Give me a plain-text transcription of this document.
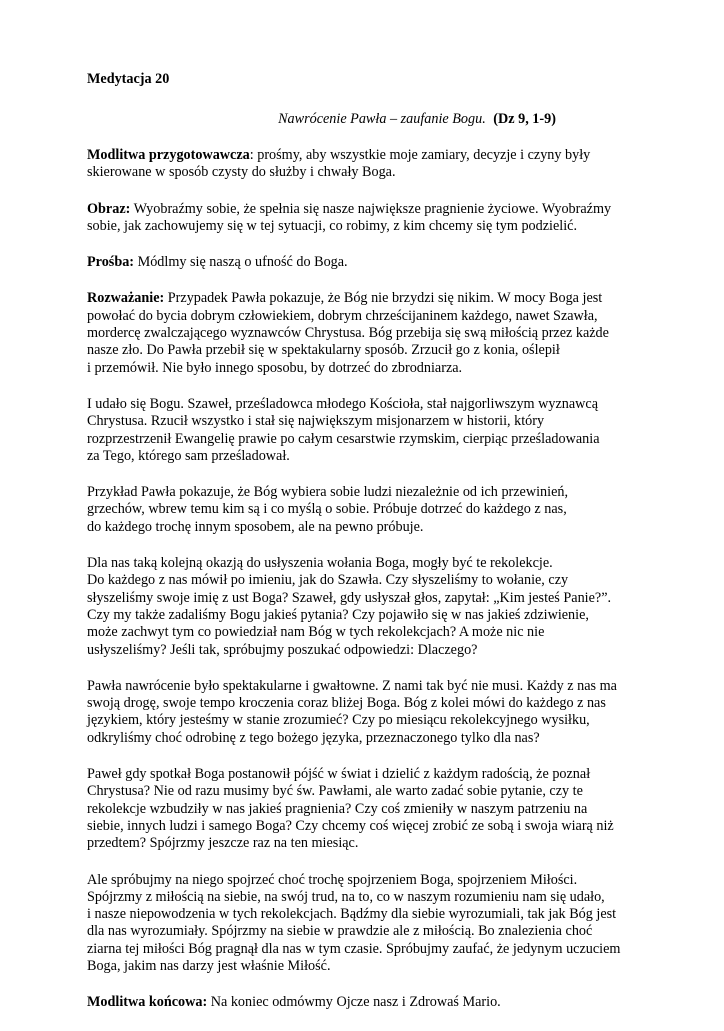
Medytacja 20

Nawrócenie Pawła – zaufanie Bogu. (Dz 9, 1-9)

Modlitwa przygotowawcza: prośmy, aby wszystkie moje zamiary, decyzje i czyny były
skierowane w sposób czysty do służby i chwały Boga.

Obraz: Wyobraźmy sobie, że spełnia się nasze największe pragnienie życiowe. Wyobraźmy
sobie, jak zachowujemy się w tej sytuacji, co robimy, z kim chcemy się tym podzielić.

Prośba: Módlmy się naszą o ufność do Boga.

Rozważanie: Przypadek Pawła pokazuje, że Bóg nie brzydzi się nikim. W mocy Boga jest
powołać do bycia dobrym człowiekiem, dobrym chrześcijaninem każdego, nawet Szawła,
mordercę zwalczającego wyznawców Chrystusa. Bóg przebija się swą miłością przez każde
nasze zło. Do Pawła przebił się w spektakularny sposób. Zrzucił go z konia, oślepił
i przemówił. Nie było innego sposobu, by dotrzeć do zbrodniarza.

I udało się Bogu. Szaweł, prześladowca młodego Kościoła, stał najgorliwszym wyznawcą
Chrystusa. Rzucił wszystko i stał się największym misjonarzem w historii, który
rozprzestrzenił Ewangelię prawie po całym cesarstwie rzymskim, cierpiąc prześladowania
za Tego, którego sam prześladował.

Przykład Pawła pokazuje, że Bóg wybiera sobie ludzi niezależnie od ich przewinień,
grzechów, wbrew temu kim są i co myślą o sobie. Próbuje dotrzeć do każdego z nas,
do każdego trochę innym sposobem, ale na pewno próbuje.

Dla nas taką kolejną okazją do usłyszenia wołania Boga, mogły być te rekolekcje.
Do każdego z nas mówił po imieniu, jak do Szawła. Czy słyszeliśmy to wołanie, czy
słyszeliśmy swoje imię z ust Boga? Szaweł, gdy usłyszał głos, zapytał: „Kim jesteś Panie?”.
Czy my także zadaliśmy Bogu jakieś pytania? Czy pojawiło się w nas jakieś zdziwienie,
może zachwyt tym co powiedział nam Bóg w tych rekolekcjach? A może nic nie
usłyszeliśmy? Jeśli tak, spróbujmy poszukać odpowiedzi: Dlaczego?

Pawła nawrócenie było spektakularne i gwałtowne. Z nami tak być nie musi. Każdy z nas ma
swoją drogę, swoje tempo kroczenia coraz bliżej Boga. Bóg z kolei mówi do każdego z nas
językiem, który jesteśmy w stanie zrozumieć? Czy po miesiącu rekolekcyjnego wysiłku,
odkryliśmy choć odrobinę z tego bożego języka, przeznaczonego tylko dla nas?

Paweł gdy spotkał Boga postanowił pójść w świat i dzielić z każdym radością, że poznał
Chrystusa? Nie od razu musimy być św. Pawłami, ale warto zadać sobie pytanie, czy te
rekolekcje wzbudziły w nas jakieś pragnienia? Czy coś zmieniły w naszym patrzeniu na
siebie, innych ludzi i samego Boga? Czy chcemy coś więcej zrobić ze sobą i swoja wiarą niż
przedtem? Spójrzmy jeszcze raz na ten miesiąc.

Ale spróbujmy na niego spojrzeć choć trochę spojrzeniem Boga, spojrzeniem Miłości.
Spójrzmy z miłością na siebie, na swój trud, na to, co w naszym rozumieniu nam się udało,
i nasze niepowodzenia w tych rekolekcjach. Bądźmy dla siebie wyrozumiali, tak jak Bóg jest
dla nas wyrozumiały. Spójrzmy na siebie w prawdzie ale z miłością. Bo znalezienia choć
ziarna tej miłości Bóg pragnął dla nas w tym czasie. Spróbujmy zaufać, że jedynym uczuciem
Boga, jakim nas darzy jest właśnie Miłość.

Modlitwa końcowa: Na koniec odmówmy Ojcze nasz i Zdrowaś Mario.
